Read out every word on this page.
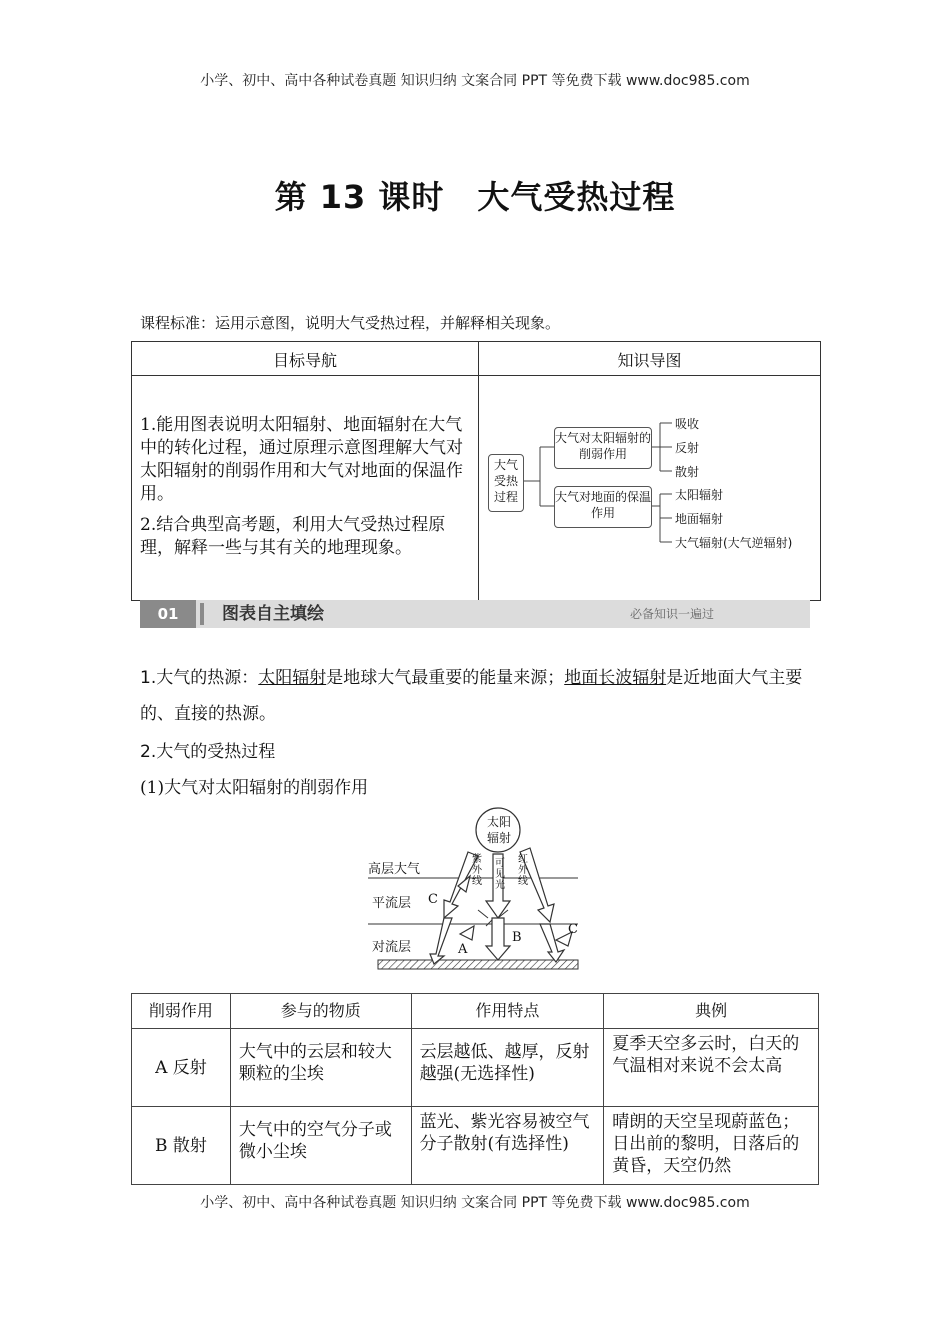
小学、初中、高中各种试卷真题 知识归纳 文案合同 PPT 等免费下载 www.doc985.com
第 13 课时　大气受热过程
课程标准：运用示意图，说明大气受热过程，并解释相关现象。
目标导航	知识导图
1.能用图表说明太阳辐射、地面辐射在大气中的转化过程，通过原理示意图理解大气对太阳辐射的削弱作用和大气对地面的保温作用。
2.结合典型高考题，利用大气受热过程原理，解释一些与其有关的地理现象。
大气受热过程
大气对太阳辐射的削弱作用
大气对地面的保温作用
吸收
反射
散射
太阳辐射
地面辐射
大气辐射(大气逆辐射)
01	图表自主填绘	必备知识一遍过
1.大气的热源：太阳辐射是地球大气最重要的能量来源；地面长波辐射是近地面大气主要的、直接的热源。
2.大气的受热过程
(1)大气对太阳辐射的削弱作用
太阳辐射
紫外线
可见光
红外线
高层大气
平流层 C
对流层	A
B
C
削弱作用	参与的物质	作用特点	典例
A 反射	大气中的云层和较大颗粒的尘埃	云层越低、越厚，反射越强(无选择性)	夏季天空多云时，白天的气温相对来说不会太高
B 散射	大气中的空气分子或微小尘埃	蓝光、紫光容易被空气分子散射(有选择性)	晴朗的天空呈现蔚蓝色；日出前的黎明，日落后的黄昏，天空仍然
小学、初中、高中各种试卷真题 知识归纳 文案合同 PPT 等免费下载 www.doc985.com
